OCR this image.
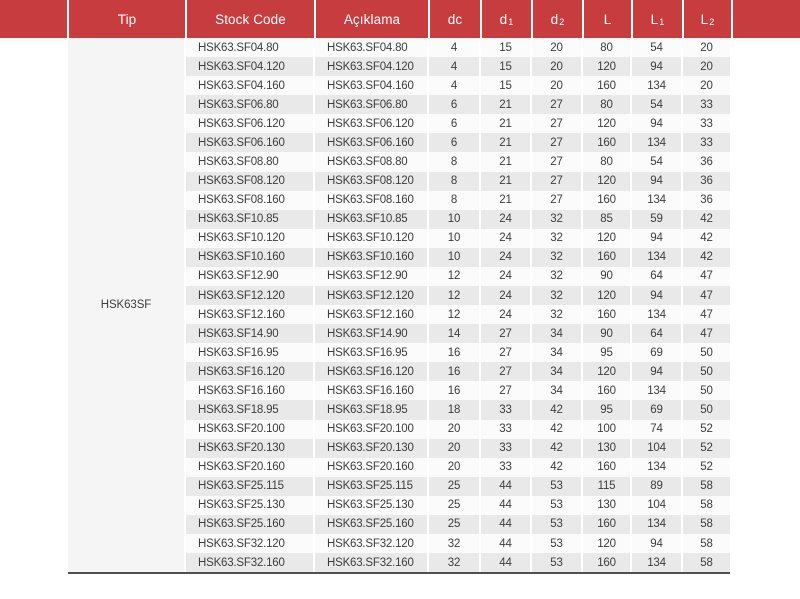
Tip	Stock Code	Açıklama	dc	$d_1$	$d_2$	L	$L_1$	$L_2$
HSK63SF
HSK63.SF04.80	HSK63.SF04.80	4	15	20	80	54	20
HSK63.SF04.120	HSK63.SF04.120	4	15	20	120	94	20
HSK63.SF04.160	HSK63.SF04.160	4	15	20	160	134	20
HSK63.SF06.80	HSK63.SF06.80	6	21	27	80	54	33
HSK63.SF06.120	HSK63.SF06.120	6	21	27	120	94	33
HSK63.SF06.160	HSK63.SF06.160	6	21	27	160	134	33
HSK63.SF08.80	HSK63.SF08.80	8	21	27	80	54	36
HSK63.SF08.120	HSK63.SF08.120	8	21	27	120	94	36
HSK63.SF08.160	HSK63.SF08.160	8	21	27	160	134	36
HSK63.SF10.85	HSK63.SF10.85	10	24	32	85	59	42
HSK63.SF10.120	HSK63.SF10.120	10	24	32	120	94	42
HSK63.SF10.160	HSK63.SF10.160	10	24	32	160	134	42
HSK63.SF12.90	HSK63.SF12.90	12	24	32	90	64	47
HSK63.SF12.120	HSK63.SF12.120	12	24	32	120	94	47
HSK63.SF12.160	HSK63.SF12.160	12	24	32	160	134	47
HSK63.SF14.90	HSK63.SF14.90	14	27	34	90	64	47
HSK63.SF16.95	HSK63.SF16.95	16	27	34	95	69	50
HSK63.SF16.120	HSK63.SF16.120	16	27	34	120	94	50
HSK63.SF16.160	HSK63.SF16.160	16	27	34	160	134	50
HSK63.SF18.95	HSK63.SF18.95	18	33	42	95	69	50
HSK63.SF20.100	HSK63.SF20.100	20	33	42	100	74	52
HSK63.SF20.130	HSK63.SF20.130	20	33	42	130	104	52
HSK63.SF20.160	HSK63.SF20.160	20	33	42	160	134	52
HSK63.SF25.115	HSK63.SF25.115	25	44	53	115	89	58
HSK63.SF25.130	HSK63.SF25.130	25	44	53	130	104	58
HSK63.SF25.160	HSK63.SF25.160	25	44	53	160	134	58
HSK63.SF32.120	HSK63.SF32.120	32	44	53	120	94	58
HSK63.SF32.160	HSK63.SF32.160	32	44	53	160	134	58
